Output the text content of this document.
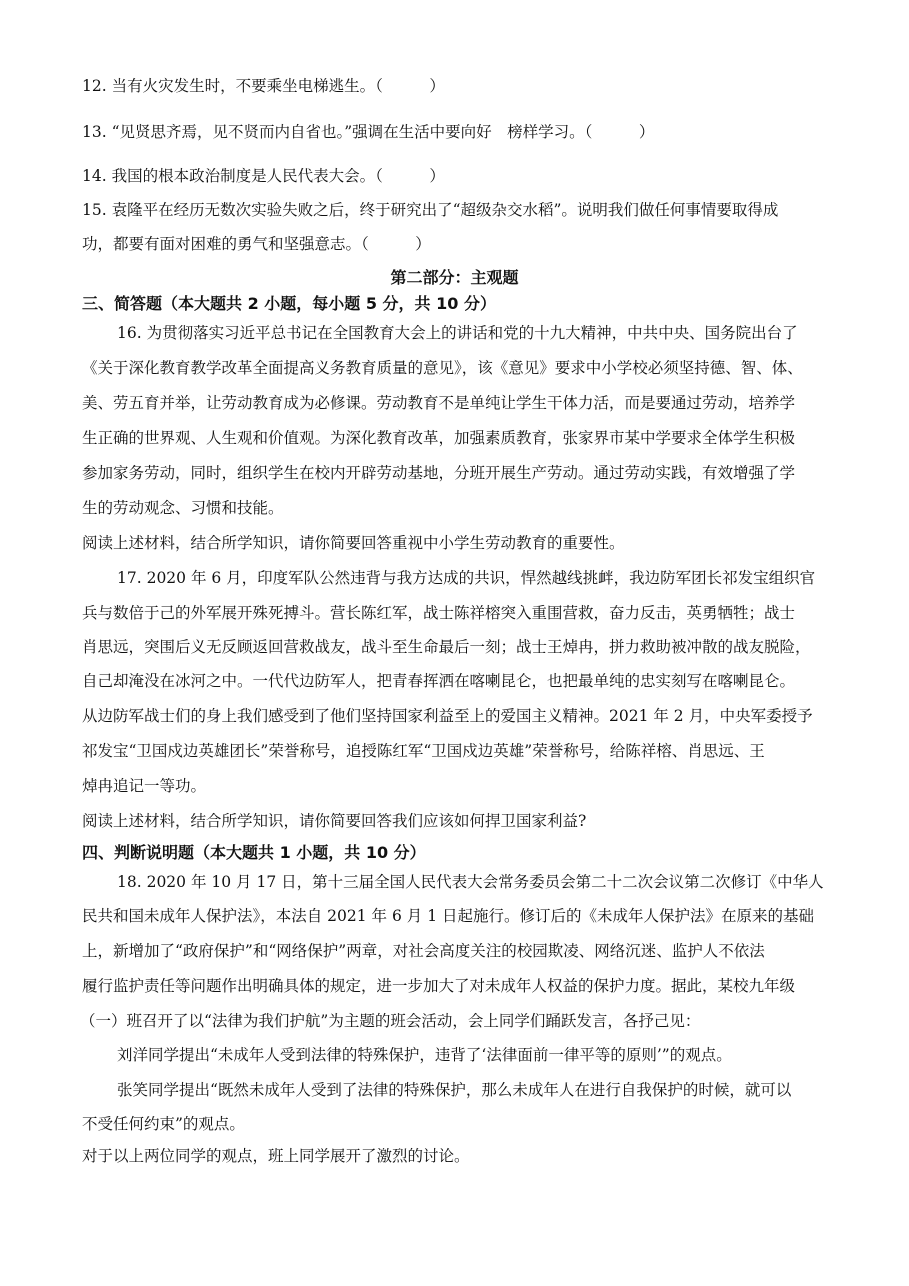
12. 当有火灾发生时，不要乘坐电梯逃生。（　　　）
13. “见贤思齐焉，见不贤而内自省也。”强调在生活中要向好　榜样学习。（　　　）
14. 我国的根本政治制度是人民代表大会。（　　　）
15. 袁隆平在经历无数次实验失败之后，终于研究出了“超级杂交水稻”。说明我们做任何事情要取得成
功，都要有面对困难的勇气和坚强意志。（　　　）
第二部分：主观题
三、简答题（本大题共 2 小题，每小题 5 分，共 10 分）
16. 为贯彻落实习近平总书记在全国教育大会上的讲话和党的十九大精神，中共中央、国务院出台了
《关于深化教育教学改革全面提高义务教育质量的意见》，该《意见》要求中小学校必须坚持德、智、体、
美、劳五育并举，让劳动教育成为必修课。劳动教育不是单纯让学生干体力活，而是要通过劳动，培养学
生正确的世界观、人生观和价值观。为深化教育改革，加强素质教育，张家界市某中学要求全体学生积极
参加家务劳动，同时，组织学生在校内开辟劳动基地，分班开展生产劳动。通过劳动实践，有效增强了学
生的劳动观念、习惯和技能。
阅读上述材料，结合所学知识，请你简要回答重视中小学生劳动教育的重要性。
17. 2020 年 6 月，印度军队公然违背与我方达成的共识，悍然越线挑衅，我边防军团长祁发宝组织官
兵与数倍于己的外军展开殊死搏斗。营长陈红军，战士陈祥榕突入重围营救，奋力反击，英勇牺牲；战士
肖思远，突围后义无反顾返回营救战友，战斗至生命最后一刻；战士王焯冉，拼力救助被冲散的战友脱险，
自己却淹没在冰河之中。一代代边防军人，把青春挥洒在喀喇昆仑，也把最单纯的忠实刻写在喀喇昆仑。
从边防军战士们的身上我们感受到了他们坚持国家利益至上的爱国主义精神。2021 年 2 月，中央军委授予
祁发宝“卫国戍边英雄团长”荣誉称号，追授陈红军“卫国戍边英雄”荣誉称号，给陈祥榕、肖思远、王
焯冉追记一等功。
阅读上述材料，结合所学知识，请你简要回答我们应该如何捍卫国家利益?
四、判断说明题（本大题共 1 小题，共 10 分）
18. 2020 年 10 月 17 日，第十三届全国人民代表大会常务委员会第二十二次会议第二次修订《中华人
民共和国未成年人保护法》，本法自 2021 年 6 月 1 日起施行。修订后的《未成年人保护法》在原来的基础
上，新增加了“政府保护”和“网络保护”两章，对社会高度关注的校园欺凌、网络沉迷、监护人不依法
履行监护责任等问题作出明确具体的规定，进一步加大了对未成年人权益的保护力度。据此，某校九年级
（一）班召开了以“法律为我们护航”为主题的班会活动，会上同学们踊跃发言，各抒己见：
刘洋同学提出“未成年人受到法律的特殊保护，违背了‘法律面前一律平等的原则’”的观点。
张笑同学提出“既然未成年人受到了法律的特殊保护，那么未成年人在进行自我保护的时候，就可以
不受任何约束”的观点。
对于以上两位同学的观点，班上同学展开了激烈的讨论。
